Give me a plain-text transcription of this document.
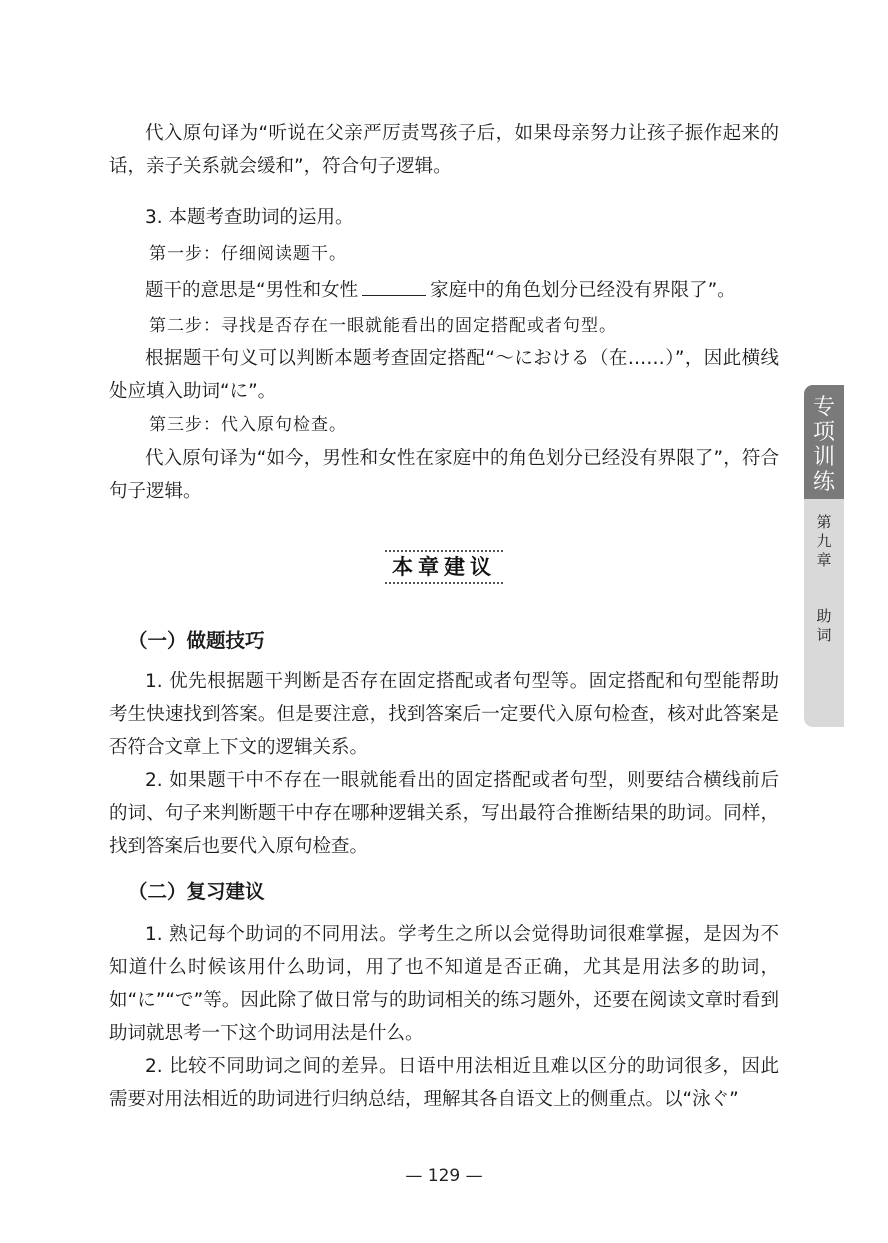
代入原句译为“听说在父亲严厉责骂孩子后，如果母亲努力让孩子振作起来的话，亲子关系就会缓和”，符合句子逻辑。

3. 本题考查助词的运用。

第一步：仔细阅读题干。

题干的意思是“男性和女性	家庭中的角色划分已经没有界限了”。

第二步：寻找是否存在一眼就能看出的固定搭配或者句型。

根据题干句义可以判断本题考查固定搭配“～における（在……）”，因此横线处应填入助词“に”。

第三步：代入原句检查。

代入原句译为“如今，男性和女性在家庭中的角色划分已经没有界限了”，符合句子逻辑。

本章建议

（一）做题技巧

1. 优先根据题干判断是否存在固定搭配或者句型等。固定搭配和句型能帮助考生快速找到答案。但是要注意，找到答案后一定要代入原句检查，核对此答案是否符合文章上下文的逻辑关系。

2. 如果题干中不存在一眼就能看出的固定搭配或者句型，则要结合横线前后的词、句子来判断题干中存在哪种逻辑关系，写出最符合推断结果的助词。同样，找到答案后也要代入原句检查。

（二）复习建议

1. 熟记每个助词的不同用法。学考生之所以会觉得助词很难掌握，是因为不知道什么时候该用什么助词，用了也不知道是否正确，尤其是用法多的助词，如“に”“で”等。因此除了做日常与的助词相关的练习题外，还要在阅读文章时看到助词就思考一下这个助词用法是什么。

2. 比较不同助词之间的差异。日语中用法相近且难以区分的助词很多，因此需要对用法相近的助词进行归纳总结，理解其各自语文上的侧重点。以“泳ぐ”

— 129 —
专
项
训
练
第
九
章
助
词
